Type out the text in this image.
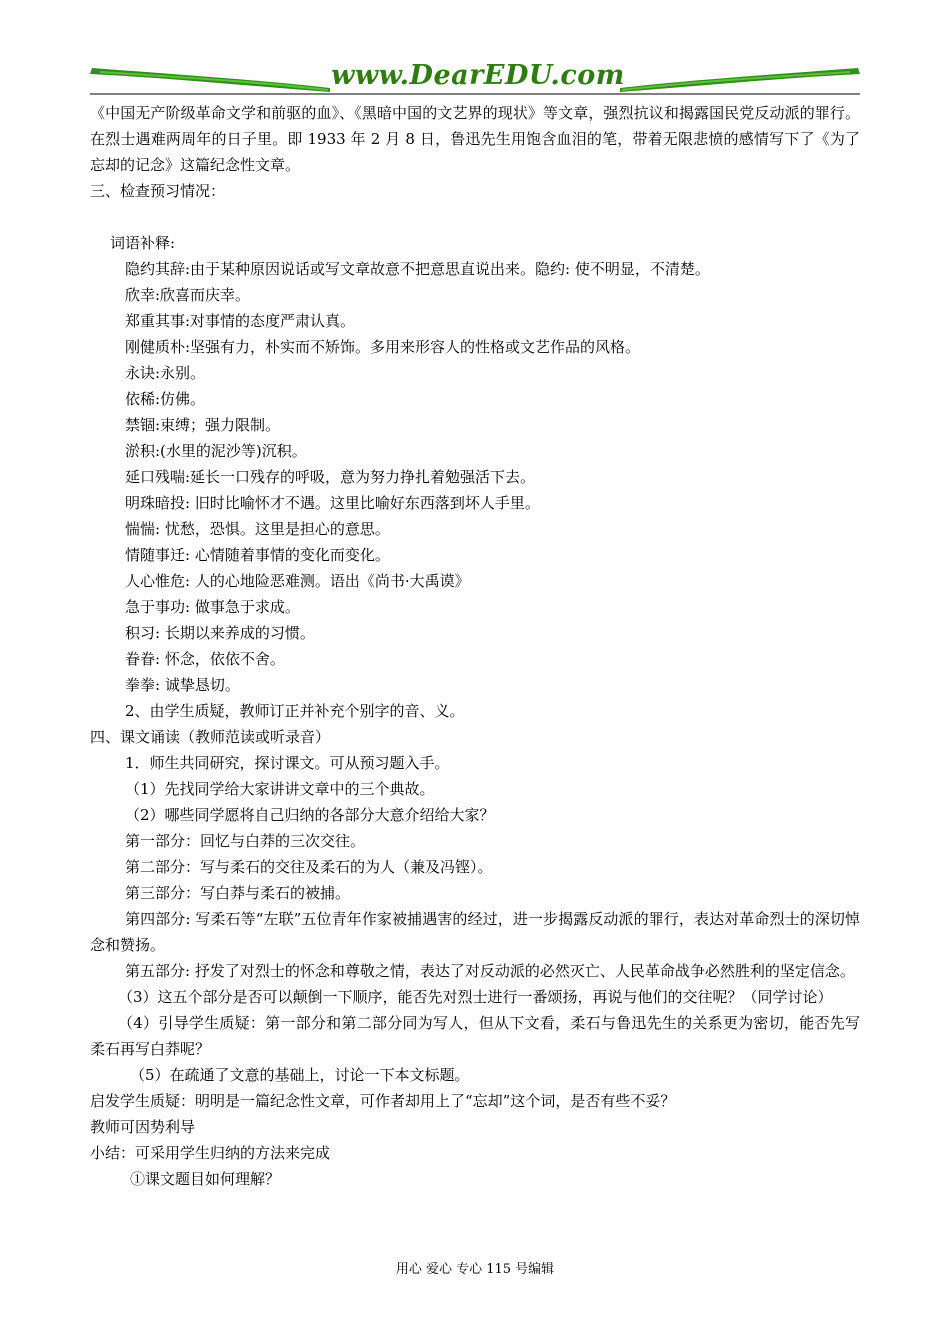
www.DearEDU.com

《中国无产阶级革命文学和前驱的血》、《黑暗中国的文艺界的现状》等文章，强烈抗议和揭露国民党反动派的罪行。在烈士遇难两周年的日子里。即 1933 年 2 月 8 日，鲁迅先生用饱含血泪的笔，带着无限悲愤的感情写下了《为了忘却的记念》这篇纪念性文章。

三、检查预习情况：

词语补释:

隐约其辞:由于某种原因说话或写文章故意不把意思直说出来。隐约: 使不明显，不清楚。

欣幸:欣喜而庆幸。

郑重其事:对事情的态度严肃认真。

刚健质朴:坚强有力，朴实而不矫饰。多用来形容人的性格或文艺作品的风格。

永诀:永别。

依稀:仿佛。

禁锢:束缚；强力限制。

淤积:(水里的泥沙等)沉积。

延口残喘:延长一口残存的呼吸，意为努力挣扎着勉强活下去。

明珠暗投: 旧时比喻怀才不遇。这里比喻好东西落到坏人手里。

惴惴: 忧愁，恐惧。这里是担心的意思。

情随事迁: 心情随着事情的变化而变化。

人心惟危: 人的心地险恶难测。语出《尚书·大禹谟》

急于事功: 做事急于求成。

积习: 长期以来养成的习惯。

眷眷: 怀念，依依不舍。

拳拳: 诚挚恳切。

2、由学生质疑，教师订正并补充个别字的音、义。

四、课文诵读（教师范读或听录音）

1．师生共同研究，探讨课文。可从预习题入手。

（1）先找同学给大家讲讲文章中的三个典故。

（2）哪些同学愿将自己归纳的各部分大意介绍给大家？

第一部分：回忆与白莽的三次交往。

第二部分：写与柔石的交往及柔石的为人（兼及冯铿）。

第三部分：写白莽与柔石的被捕。

第四部分: 写柔石等“左联”五位青年作家被捕遇害的经过，进一步揭露反动派的罪行，表达对革命烈士的深切悼念和赞扬。

第五部分: 抒发了对烈士的怀念和尊敬之情，表达了对反动派的必然灭亡、人民革命战争必然胜利的坚定信念。

（3）这五个部分是否可以颠倒一下顺序，能否先对烈士进行一番颂扬，再说与他们的交往呢？（同学讨论）

（4）引导学生质疑：第一部分和第二部分同为写人，但从下文看，柔石与鲁迅先生的关系更为密切，能否先写柔石再写白莽呢？

（5）在疏通了文意的基础上，讨论一下本文标题。

启发学生质疑：明明是一篇纪念性文章，可作者却用上了“忘却”这个词，是否有些不妥？

教师可因势利导

小结：可采用学生归纳的方法来完成

①课文题目如何理解？

用心 爱心 专心 115 号编辑
